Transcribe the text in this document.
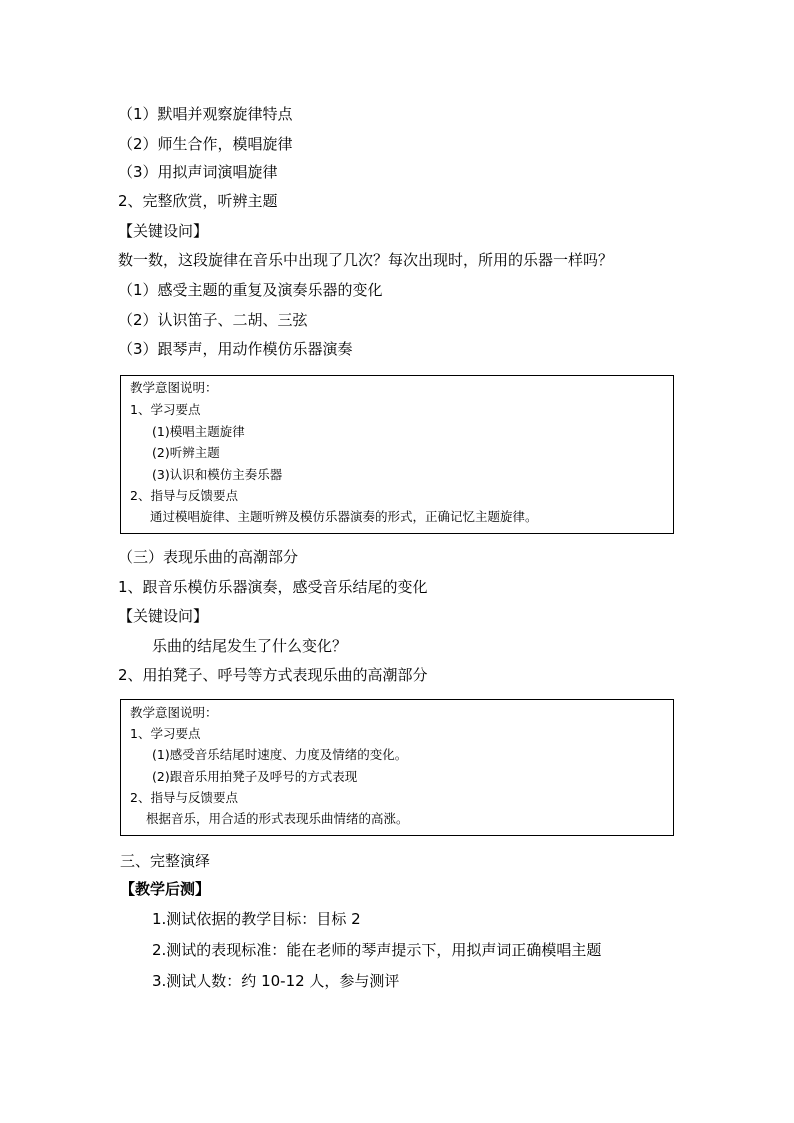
（1）默唱并观察旋律特点
（2）师生合作，模唱旋律
（3）用拟声词演唱旋律
2、完整欣赏，听辨主题
【关键设问】
数一数，这段旋律在音乐中出现了几次？每次出现时，所用的乐器一样吗？
（1）感受主题的重复及演奏乐器的变化
（2）认识笛子、二胡、三弦
（3）跟琴声，用动作模仿乐器演奏
教学意图说明：
1、学习要点
(1)模唱主题旋律
(2)听辨主题
(3)认识和模仿主奏乐器
2、指导与反馈要点
通过模唱旋律、主题听辨及模仿乐器演奏的形式，正确记忆主题旋律。
（三）表现乐曲的高潮部分
1、跟音乐模仿乐器演奏，感受音乐结尾的变化
【关键设问】
乐曲的结尾发生了什么变化？
2、用拍凳子、呼号等方式表现乐曲的高潮部分
教学意图说明：
1、学习要点
(1)感受音乐结尾时速度、力度及情绪的变化。
(2)跟音乐用拍凳子及呼号的方式表现
2、指导与反馈要点
根据音乐，用合适的形式表现乐曲情绪的高涨。
三、完整演绎
【教学后测】
1.测试依据的教学目标：目标 2
2.测试的表现标准：能在老师的琴声提示下，用拟声词正确模唱主题
3.测试人数：约 10-12 人，参与测评
